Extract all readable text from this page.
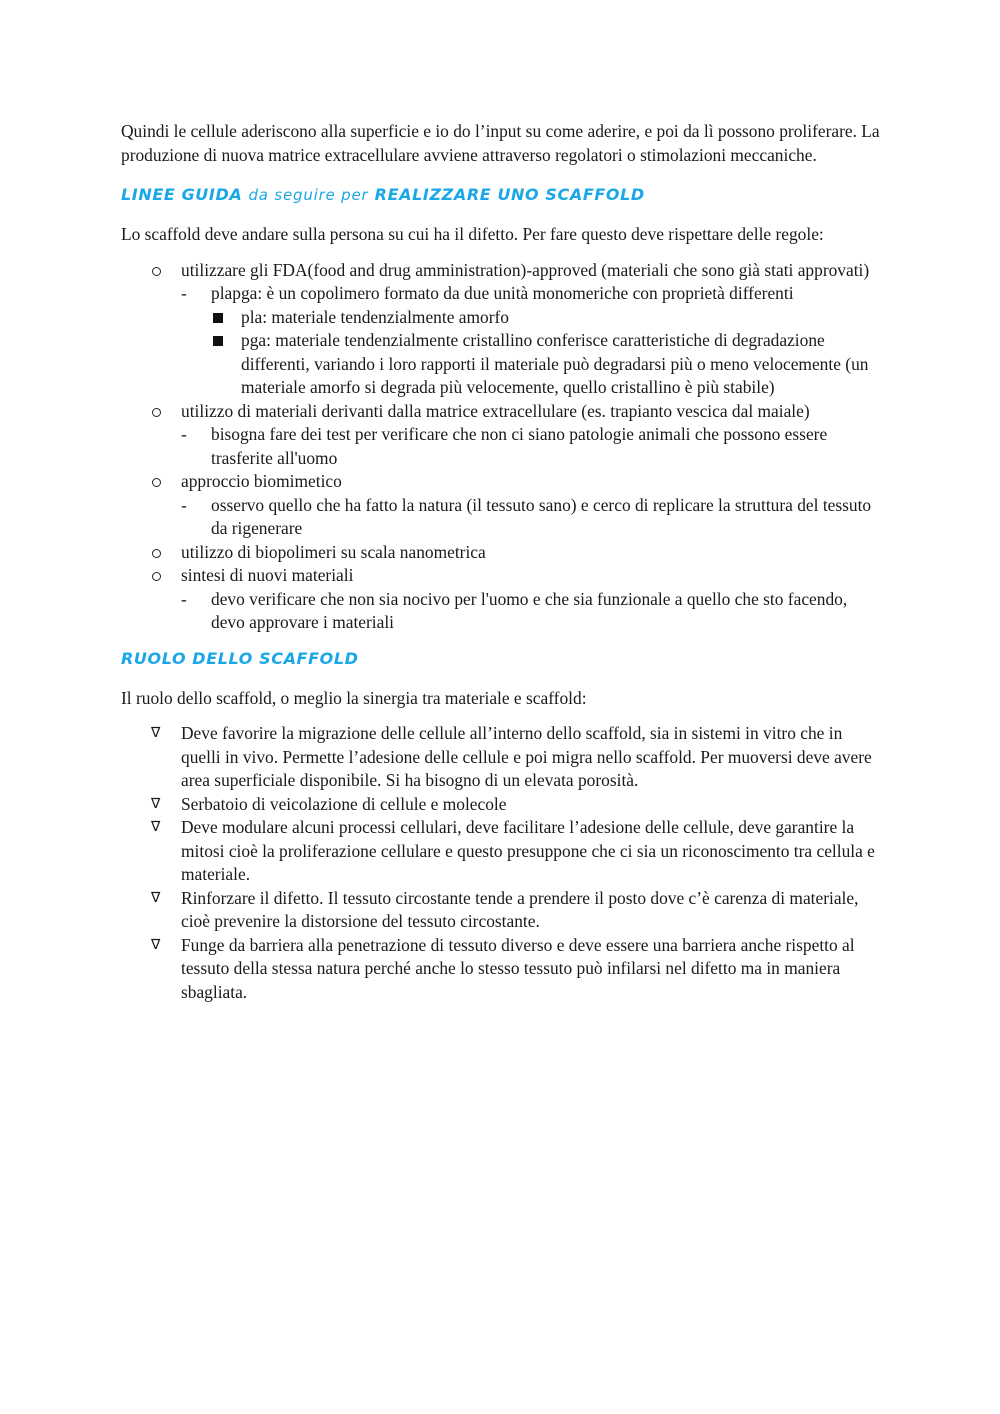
Quindi le cellule aderiscono alla superficie e io do l’input su come aderire, e poi da lì possono proliferare. La produzione di nuova matrice extracellulare avviene attraverso regolatori o stimolazioni meccaniche.

LINEE GUIDA da seguire per REALIZZARE UNO SCAFFOLD

Lo scaffold deve andare sulla persona su cui ha il difetto. Per fare questo deve rispettare delle regole:

utilizzare gli FDA(food and drug amministration)-approved (materiali che sono già stati approvati)
-	plapga: è un copolimero formato da due unità monomeriche con proprietà differenti
pla: materiale tendenzialmente amorfo
pga: materiale tendenzialmente cristallino conferisce caratteristiche di degradazione differenti, variando i loro rapporti il materiale può degradarsi più o meno velocemente (un materiale amorfo si degrada più velocemente, quello cristallino è più stabile)
utilizzo di materiali derivanti dalla matrice extracellulare (es. trapianto vescica dal maiale)
-	bisogna fare dei test per verificare che non ci siano patologie animali che possono essere trasferite all'uomo
approccio biomimetico
-	osservo quello che ha fatto la natura (il tessuto sano) e cerco di replicare la struttura del tessuto da rigenerare
utilizzo di biopolimeri su scala nanometrica
sintesi di nuovi materiali
-	devo verificare che non sia nocivo per l'uomo e che sia funzionale a quello che sto facendo, devo approvare i materiali
RUOLO DELLO SCAFFOLD

Il ruolo dello scaffold, o meglio la sinergia tra materiale e scaffold:

∇ Deve favorire la migrazione delle cellule all’interno dello scaffold, sia in sistemi in vitro che in quelli in vivo. Permette l’adesione delle cellule e poi migra nello scaffold. Per muoversi deve avere area superficiale disponibile. Si ha bisogno di un elevata porosità.
∇ Serbatoio di veicolazione di cellule e molecole
∇ Deve modulare alcuni processi cellulari, deve facilitare l’adesione delle cellule, deve garantire la mitosi cioè la proliferazione cellulare e questo presuppone che ci sia un riconoscimento tra cellula e materiale.
∇ Rinforzare il difetto. Il tessuto circostante tende a prendere il posto dove c’è carenza di materiale, cioè prevenire la distorsione del tessuto circostante.
∇ Funge da barriera alla penetrazione di tessuto diverso e deve essere una barriera anche rispetto al tessuto della stessa natura perché anche lo stesso tessuto può infilarsi nel difetto ma in maniera sbagliata.
